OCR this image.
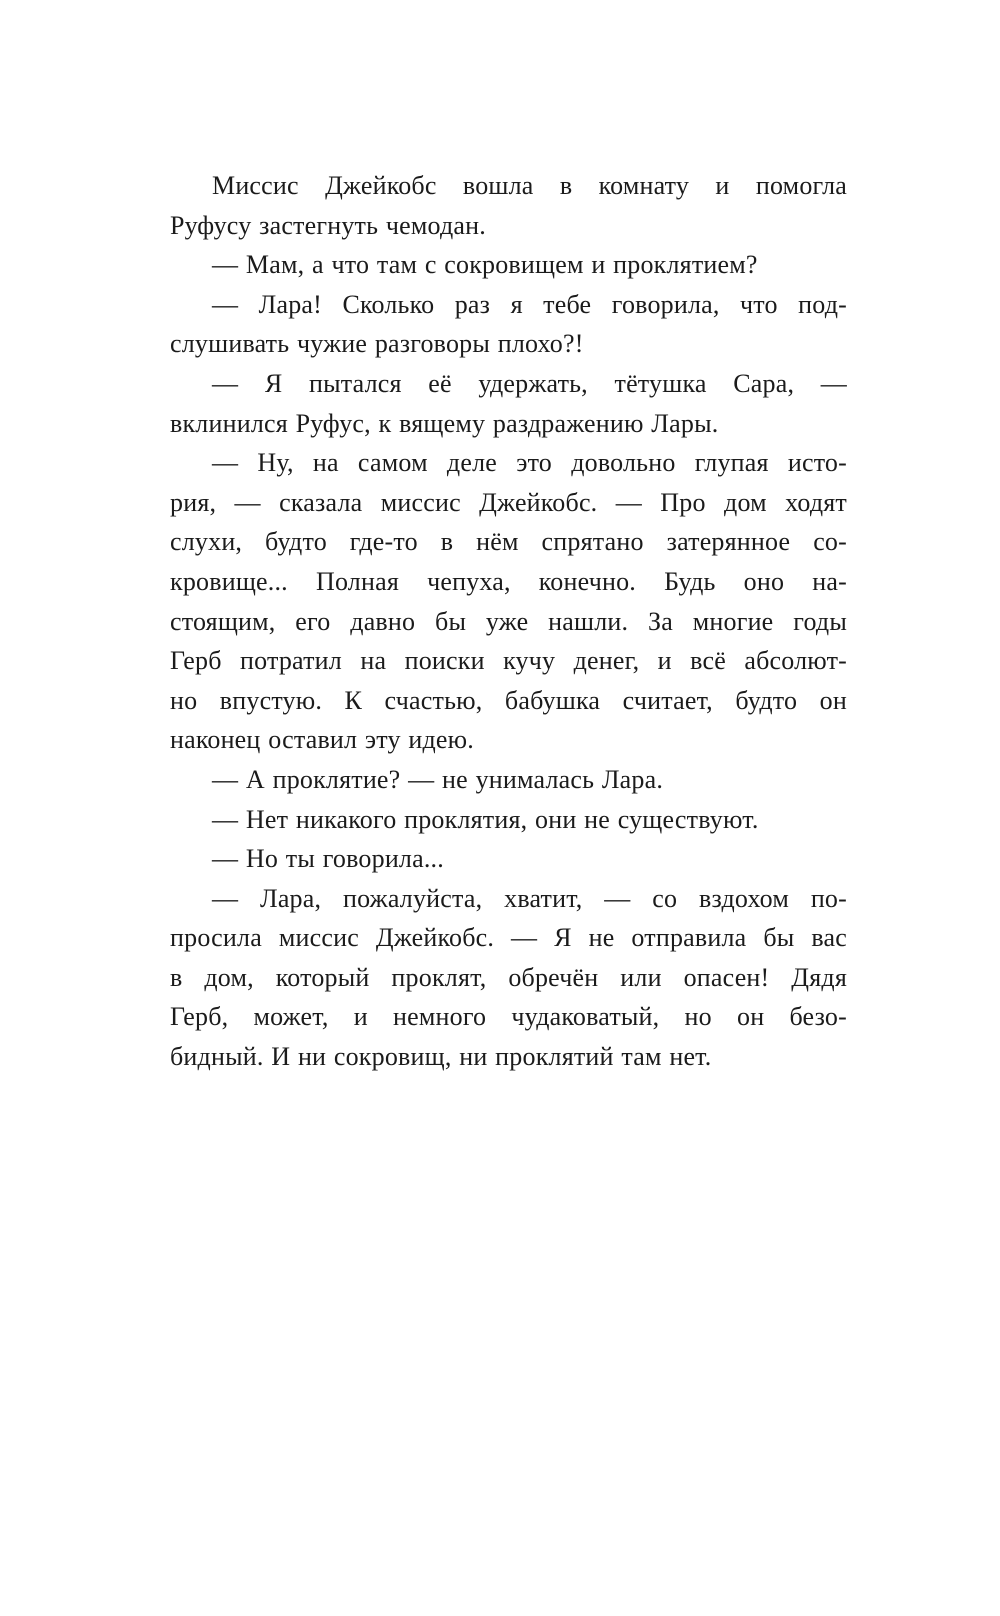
Миссис Джейкобс вошла в комнату и помогла
Руфусу застегнуть чемодан.
— Мам, а что там с сокровищем и проклятием?
— Лара! Сколько раз я тебе говорила, что под-
слушивать чужие разговоры плохо?!
— Я пытался её удержать, тётушка Сара, —
вклинился Руфус, к вящему раздражению Лары.
— Ну, на самом деле это довольно глупая исто-
рия, — сказала миссис Джейкобс. — Про дом ходят
слухи, будто где-то в нём спрятано затерянное со-
кровище... Полная чепуха, конечно. Будь оно на-
стоящим, его давно бы уже нашли. За многие годы
Герб потратил на поиски кучу денег, и всё абсолют-
но впустую. К счастью, бабушка считает, будто он
наконец оставил эту идею.
— А проклятие? — не унималась Лара.
— Нет никакого проклятия, они не существуют.
— Но ты говорила...
— Лара, пожалуйста, хватит, — со вздохом по-
просила миссис Джейкобс. — Я не отправила бы вас
в дом, который проклят, обречён или опасен! Дядя
Герб, может, и немного чудаковатый, но он безо-
бидный. И ни сокровищ, ни проклятий там нет.
